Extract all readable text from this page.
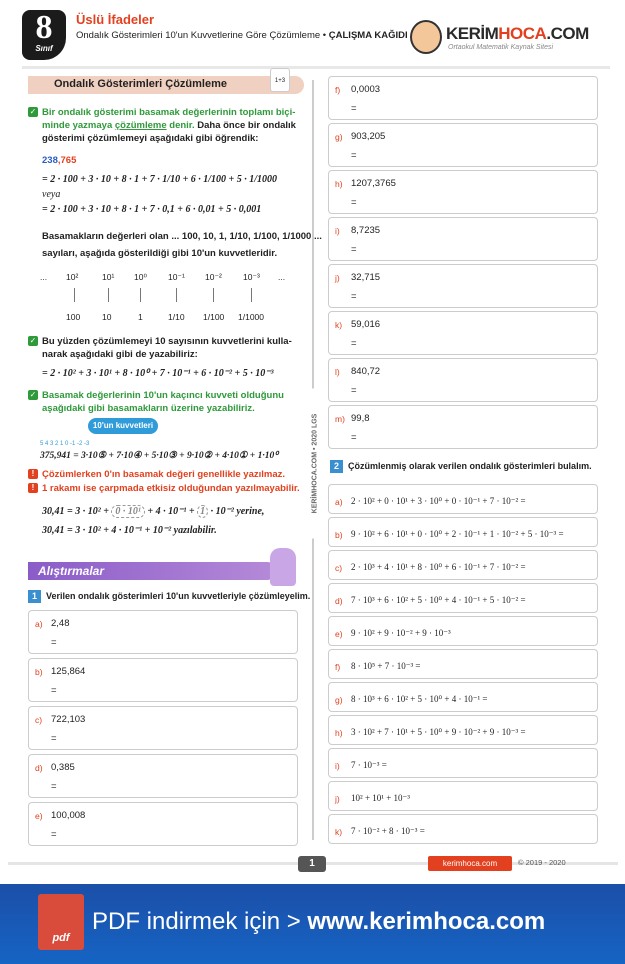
8
Sınıf
Üslü İfadeler
Ondalık Gösterimleri 10'un Kuvvetlerine Göre Çözümleme • ÇALIŞMA KAĞIDI KERİMHOCA.COM
Ortaokul Matematik Kaynak Sitesi
KERİMHOCA.COM • 2020 LGS
Ondalık Gösterimleri Çözümleme	1+3
✓ Bir ondalık gösterimi basamak değerlerinin toplamı biçi-
minde yazmaya çözümleme denir. Daha önce bir ondalık
gösterimi çözümlemeyi aşağıdaki gibi öğrendik:
238,765
= 2 · 100 + 3 · 10 + 8 · 1 + 7 · 1/10 + 6 · 1/100 + 5 · 1/1000
veya
= 2 · 100 + 3 · 10 + 8 · 1 + 7 · 0,1 + 6 · 0,01 + 5 · 0,001
Basamakların değerleri olan ... 100, 10, 1, 1/10, 1/100, 1/1000 ...
sayıları, aşağıda gösterildiği gibi 10'un kuvvetleridir.
... 10²	10¹ 10⁰ 10⁻¹ 10⁻² 10⁻³ ...
100	10	1	1/10 1/100 1/1000
✓ Bu yüzden çözümlemeyi 10 sayısının kuvvetlerini kulla-
narak aşağıdaki gibi de yazabiliriz:
= 2 · 10² + 3 · 10¹ + 8 · 10⁰ + 7 · 10⁻¹ + 6 · 10⁻² + 5 · 10⁻³
✓ Basamak değerlerinin 10'un kaçıncı kuvveti olduğunu
aşağıdaki gibi basamakların üzerine yazabiliriz.
10'un kuvvetleri
5 4 3 2 1 0 -1 -2 -3
375,941 = 3·10⑤ + 7·10④ + 5·10③ + 9·10② + 4·10① + 1·10⁰
! Çözümlerken 0'ın basamak değeri genellikle yazılmaz.
! 1 rakamı ise çarpmada etkisiz olduğundan yazılmayabilir.
30,41 = 3 · 10² + 0 · 10¹ + 4 · 10⁻¹ + 1 · 10⁻² yerine,
30,41 = 3 · 10² + 4 · 10⁻¹ + 10⁻² yazılabilir.
Alıştırmalar
1	Verilen ondalık gösterimleri 10'un kuvvetleriyle çözümleyelim.
a) 2,48
=
b) 125,864
=
c) 722,103
=
d) 0,385
=
e) 100,008
=
f) 0,0003
=
g) 903,205
=
h) 1207,3765
=
i) 8,7235
=
j) 32,715
=
k) 59,016
=
l) 840,72
=
m) 99,8
=
2	Çözümlenmiş olarak verilen ondalık gösterimleri bulalım.
a) 2 · 10² + 0 · 10¹ + 3 · 10⁰ + 0 · 10⁻¹ + 7 · 10⁻² =
b) 9 · 10² + 6 · 10¹ + 0 · 10⁰ + 2 · 10⁻¹ + 1 · 10⁻² + 5 · 10⁻³ =
c) 2 · 10³ + 4 · 10¹ + 8 · 10⁰ + 6 · 10⁻¹ + 7 · 10⁻² =
d) 7 · 10³ + 6 · 10² + 5 · 10⁰ + 4 · 10⁻¹ + 5 · 10⁻² =
e) 9 · 10² + 9 · 10⁻² + 9 · 10⁻³
f) 8 · 10⁵ + 7 · 10⁻³ =
g) 8 · 10³ + 6 · 10² + 5 · 10⁰ + 4 · 10⁻¹ =
h) 3 · 10² + 7 · 10¹ + 5 · 10⁰ + 9 · 10⁻² + 9 · 10⁻³ =
i) 7 · 10⁻³ =
j) 10² + 10¹ + 10⁻³
k) 7 · 10⁻² + 8 · 10⁻³ =
1	kerimhoca.com	© 2019 - 2020
pdf
PDF indirmek için > www.kerimhoca.com
